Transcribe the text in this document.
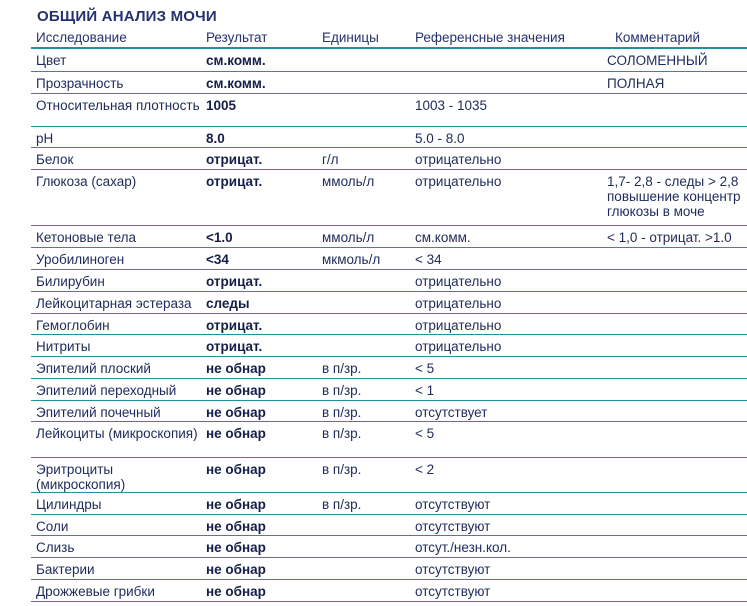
ОБЩИЙ АНАЛИЗ МОЧИ
Исследование	Результат	Единицы	Референсные значения	Комментарий
Цвет	см.комм.			СОЛОМЕННЫЙ

Прозрачность	см.комм.			ПОЛНАЯ

Относительная плотность	1005		1003 - 1035	
pH	8.0		5.0 - 8.0	
Белок	отрицат.	г/л	отрицательно	
Глюкоза (сахар)	отрицат.	ммоль/л	отрицательно	1,7- 2,8 - следы > 2,8
повышение концентр
глюкозы в моче

Кетоновые тела	<1.0	ммоль/л	см.комм.	< 1,0 - отрицат. >1.0

Уробилиноген	<34	мкмоль/л	< 34	
Билирубин	отрицат.		отрицательно	
Лейкоцитарная эстераза	следы		отрицательно	
Гемоглобин	отрицат.		отрицательно	
Нитриты	отрицат.		отрицательно	
Эпителий плоский	не обнар	в п/зр.	< 5	
Эпителий переходный	не обнар	в п/зр.	< 1	
Эпителий почечный	не обнар	в п/зр.	отсутствует	
Лейкоциты (микроскопия)	не обнар	в п/зр.	< 5	
Эритроциты (микроскопия)	не обнар	в п/зр.	< 2	
Цилиндры	не обнар	в п/зр.	отсутствуют	
Соли	не обнар		отсутствуют	
Слизь	не обнар		отсут./незн.кол.	
Бактерии	не обнар		отсутствуют	
Дрожжевые грибки	не обнар		отсутствуют	
